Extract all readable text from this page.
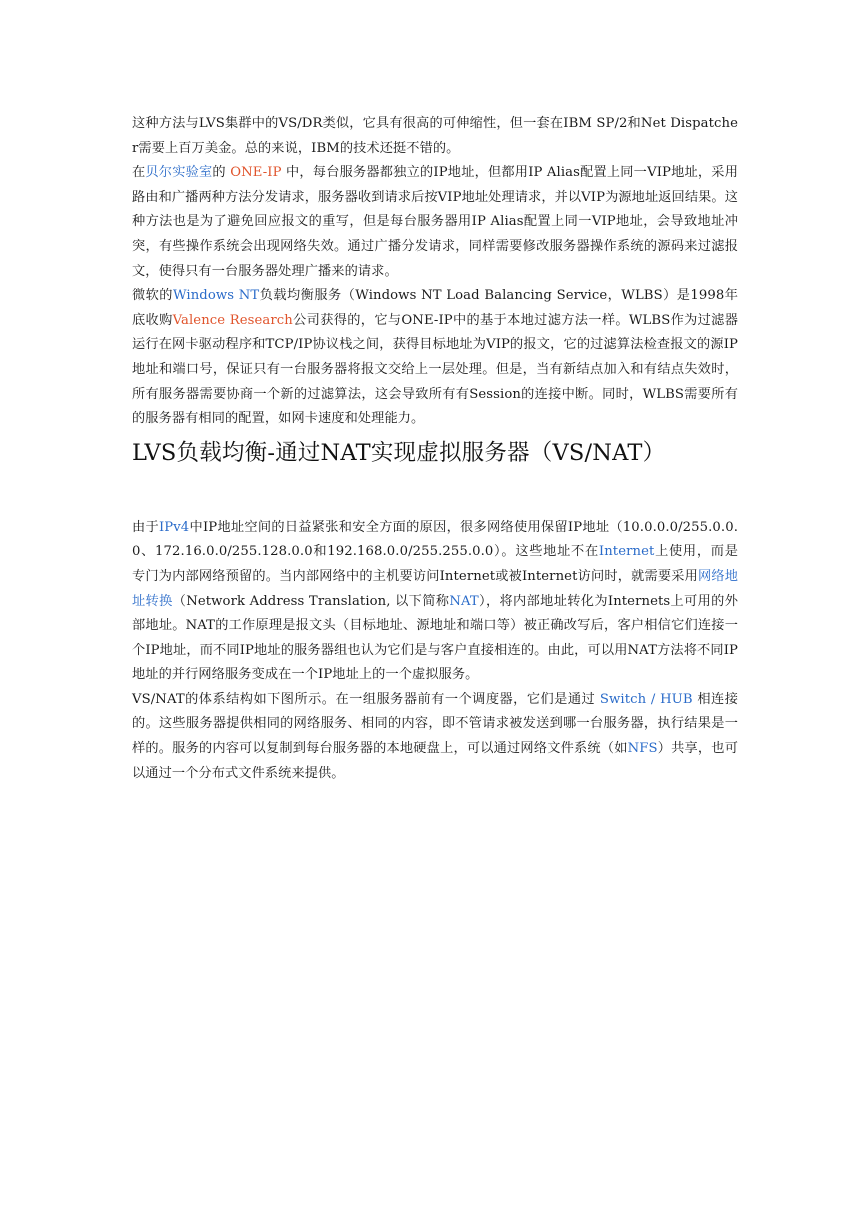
这种方法与LVS集群中的VS/DR类似，它具有很高的可伸缩性，但一套在IBM SP/2和Net Dispatcher需要上百万美金。总的来说，IBM的技术还挺不错的。

在贝尔实验室的 ONE-IP 中，每台服务器都独立的IP地址，但都用IP Alias配置上同一VIP地址，采用路由和广播两种方法分发请求，服务器收到请求后按VIP地址处理请求，并以VIP为源地址返回结果。这种方法也是为了避免回应报文的重写，但是每台服务器用IP Alias配置上同一VIP地址，会导致地址冲突，有些操作系统会出现网络失效。通过广播分发请求，同样需要修改服务器操作系统的源码来过滤报文，使得只有一台服务器处理广播来的请求。

微软的Windows NT负载均衡服务（Windows NT Load Balancing Service，WLBS）是1998年底收购Valence Research公司获得的，它与ONE-IP中的基于本地过滤方法一样。WLBS作为过滤器运行在网卡驱动程序和TCP/IP协议栈之间，获得目标地址为VIP的报文，它的过滤算法检查报文的源IP地址和端口号，保证只有一台服务器将报文交给上一层处理。但是，当有新结点加入和有结点失效时，所有服务器需要协商一个新的过滤算法，这会导致所有有Session的连接中断。同时，WLBS需要所有的服务器有相同的配置，如网卡速度和处理能力。

LVS负载均衡-通过NAT实现虚拟服务器（VS/NAT）

由于IPv4中IP地址空间的日益紧张和安全方面的原因，很多网络使用保留IP地址（10.0.0.0/255.0.0.0、172.16.0.0/255.128.0.0和192.168.0.0/255.255.0.0）。这些地址不在Internet上使用，而是专门为内部网络预留的。当内部网络中的主机要访问Internet或被Internet访问时，就需要采用网络地址转换（Network Address Translation, 以下简称NAT），将内部地址转化为Internets上可用的外部地址。NAT的工作原理是报文头（目标地址、源地址和端口等）被正确改写后，客户相信它们连接一个IP地址，而不同IP地址的服务器组也认为它们是与客户直接相连的。由此，可以用NAT方法将不同IP地址的并行网络服务变成在一个IP地址上的一个虚拟服务。

VS/NAT的体系结构如下图所示。在一组服务器前有一个调度器，它们是通过 Switch / HUB 相连接的。这些服务器提供相同的网络服务、相同的内容，即不管请求被发送到哪一台服务器，执行结果是一样的。服务的内容可以复制到每台服务器的本地硬盘上，可以通过网络文件系统（如NFS）共享，也可以通过一个分布式文件系统来提供。
